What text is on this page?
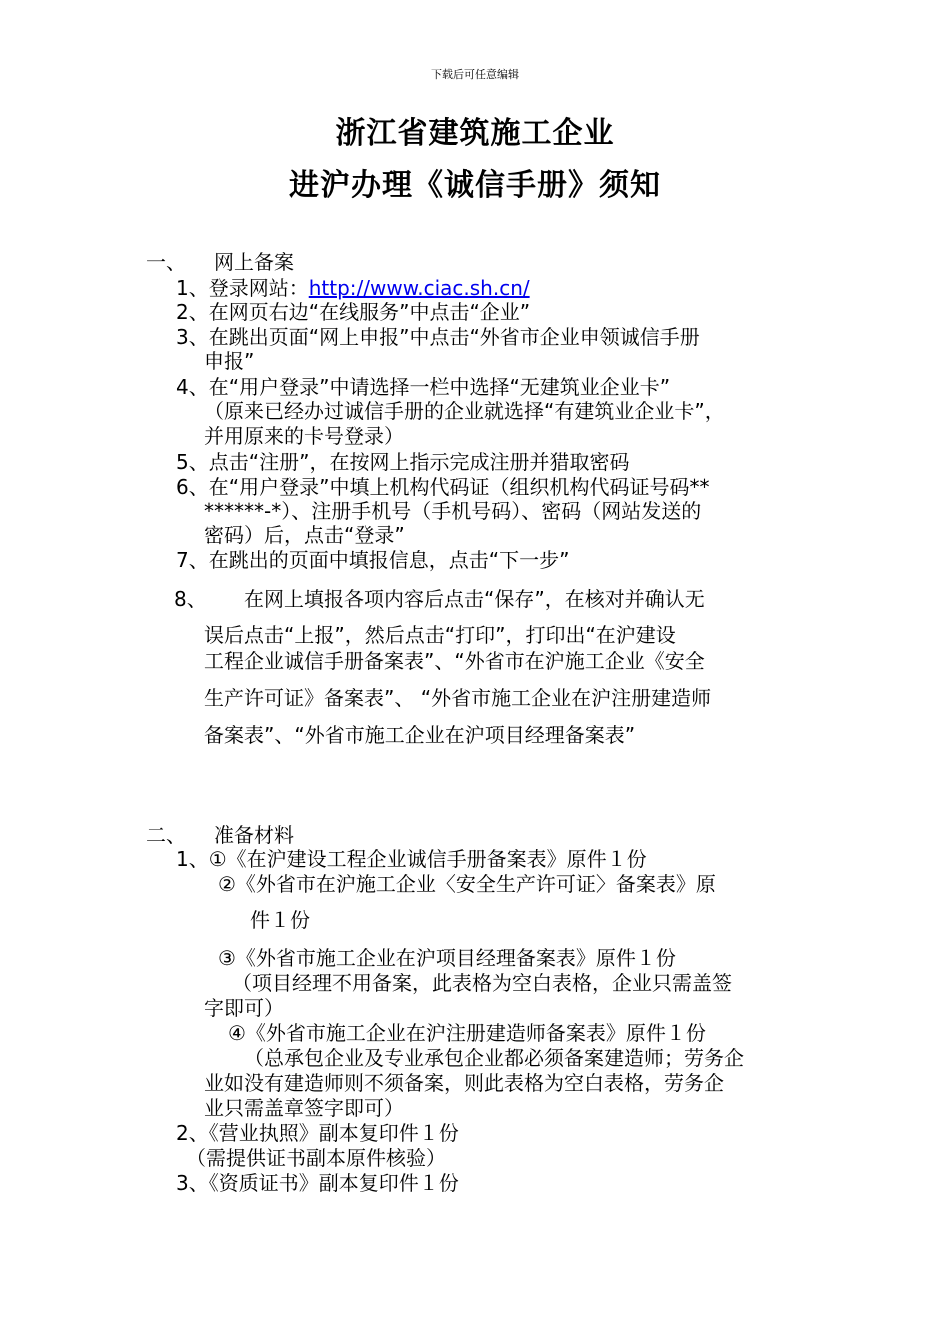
下载后可任意编辑
浙江省建筑施工企业
进沪办理《诚信手册》须知
一、 网上备案
1、登录网站：http://www.ciac.sh.cn/
2、在网页右边“在线服务”中点击“企业”
3、在跳出页面“网上申报”中点击“外省市企业申领诚信手册
申报”
4、在“用户登录”中请选择一栏中选择“无建筑业企业卡”
（原来已经办过诚信手册的企业就选择“有建筑业企业卡”，
并用原来的卡号登录）
5、点击“注册”，在按网上指示完成注册并猎取密码
6、在“用户登录”中填上机构代码证（组织机构代码证号码**
******-*）、注册手机号（手机号码）、密码（网站发送的
密码）后，点击“登录”
7、在跳出的页面中填报信息，点击“下一步”
8、 在网上填报各项内容后点击“保存”，在核对并确认无
误后点击“上报”，然后点击“打印”，打印出“在沪建设
工程企业诚信手册备案表”、“外省市在沪施工企业《安全
生产许可证》备案表”、 “外省市施工企业在沪注册建造师
备案表”、“外省市施工企业在沪项目经理备案表”
二、 准备材料
1、①《在沪建设工程企业诚信手册备案表》原件１份
②《外省市在沪施工企业〈安全生产许可证〉备案表》原
件１份
③《外省市施工企业在沪项目经理备案表》原件１份
（项目经理不用备案，此表格为空白表格，企业只需盖签
字即可）
④《外省市施工企业在沪注册建造师备案表》原件１份
（总承包企业及专业承包企业都必须备案建造师；劳务企
业如没有建造师则不须备案，则此表格为空白表格，劳务企
业只需盖章签字即可）
2、《营业执照》副本复印件１份
（需提供证书副本原件核验）
3、《资质证书》副本复印件１份
